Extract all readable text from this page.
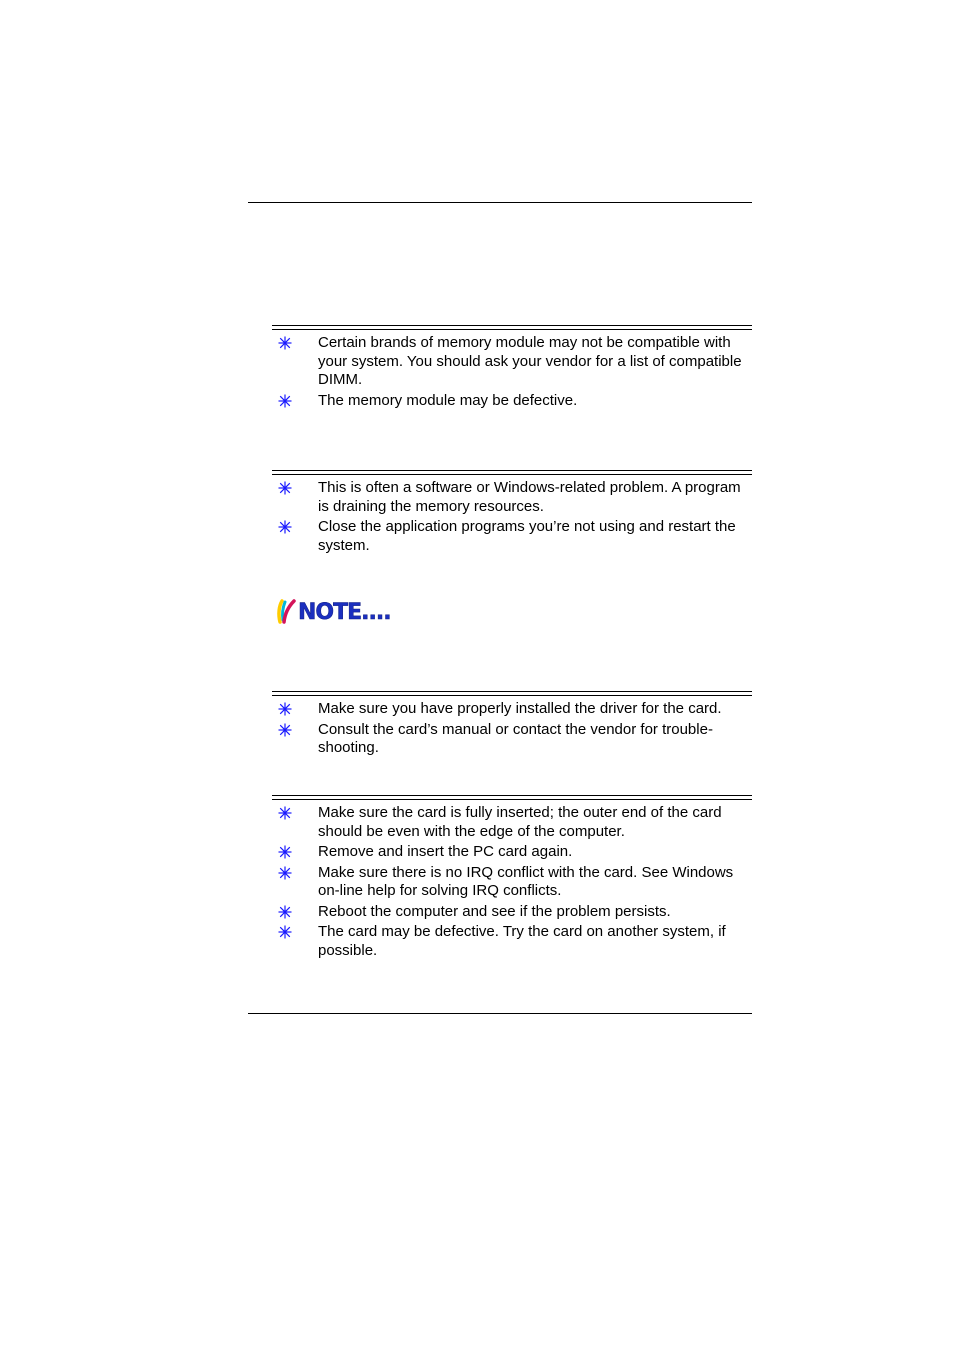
Certain brands of memory module may not be compatible with your system. You should ask your vendor for a list of compatible DIMM.
The memory module may be defective.
This is often a software or Windows-related problem. A program is draining the memory resources.
Close the application programs you’re not using and restart the system.
NOTE....
Make sure you have properly installed the driver for the card.
Consult the card’s manual or contact the vendor for trouble-shooting.
Make sure the card is fully inserted; the outer end of the card should be even with the edge of the computer.
Remove and insert the PC card again.
Make sure there is no IRQ conflict with the card. See Windows on-line help for solving IRQ conflicts.
Reboot the computer and see if the problem persists.
The card may be defective. Try the card on another system, if possible.
